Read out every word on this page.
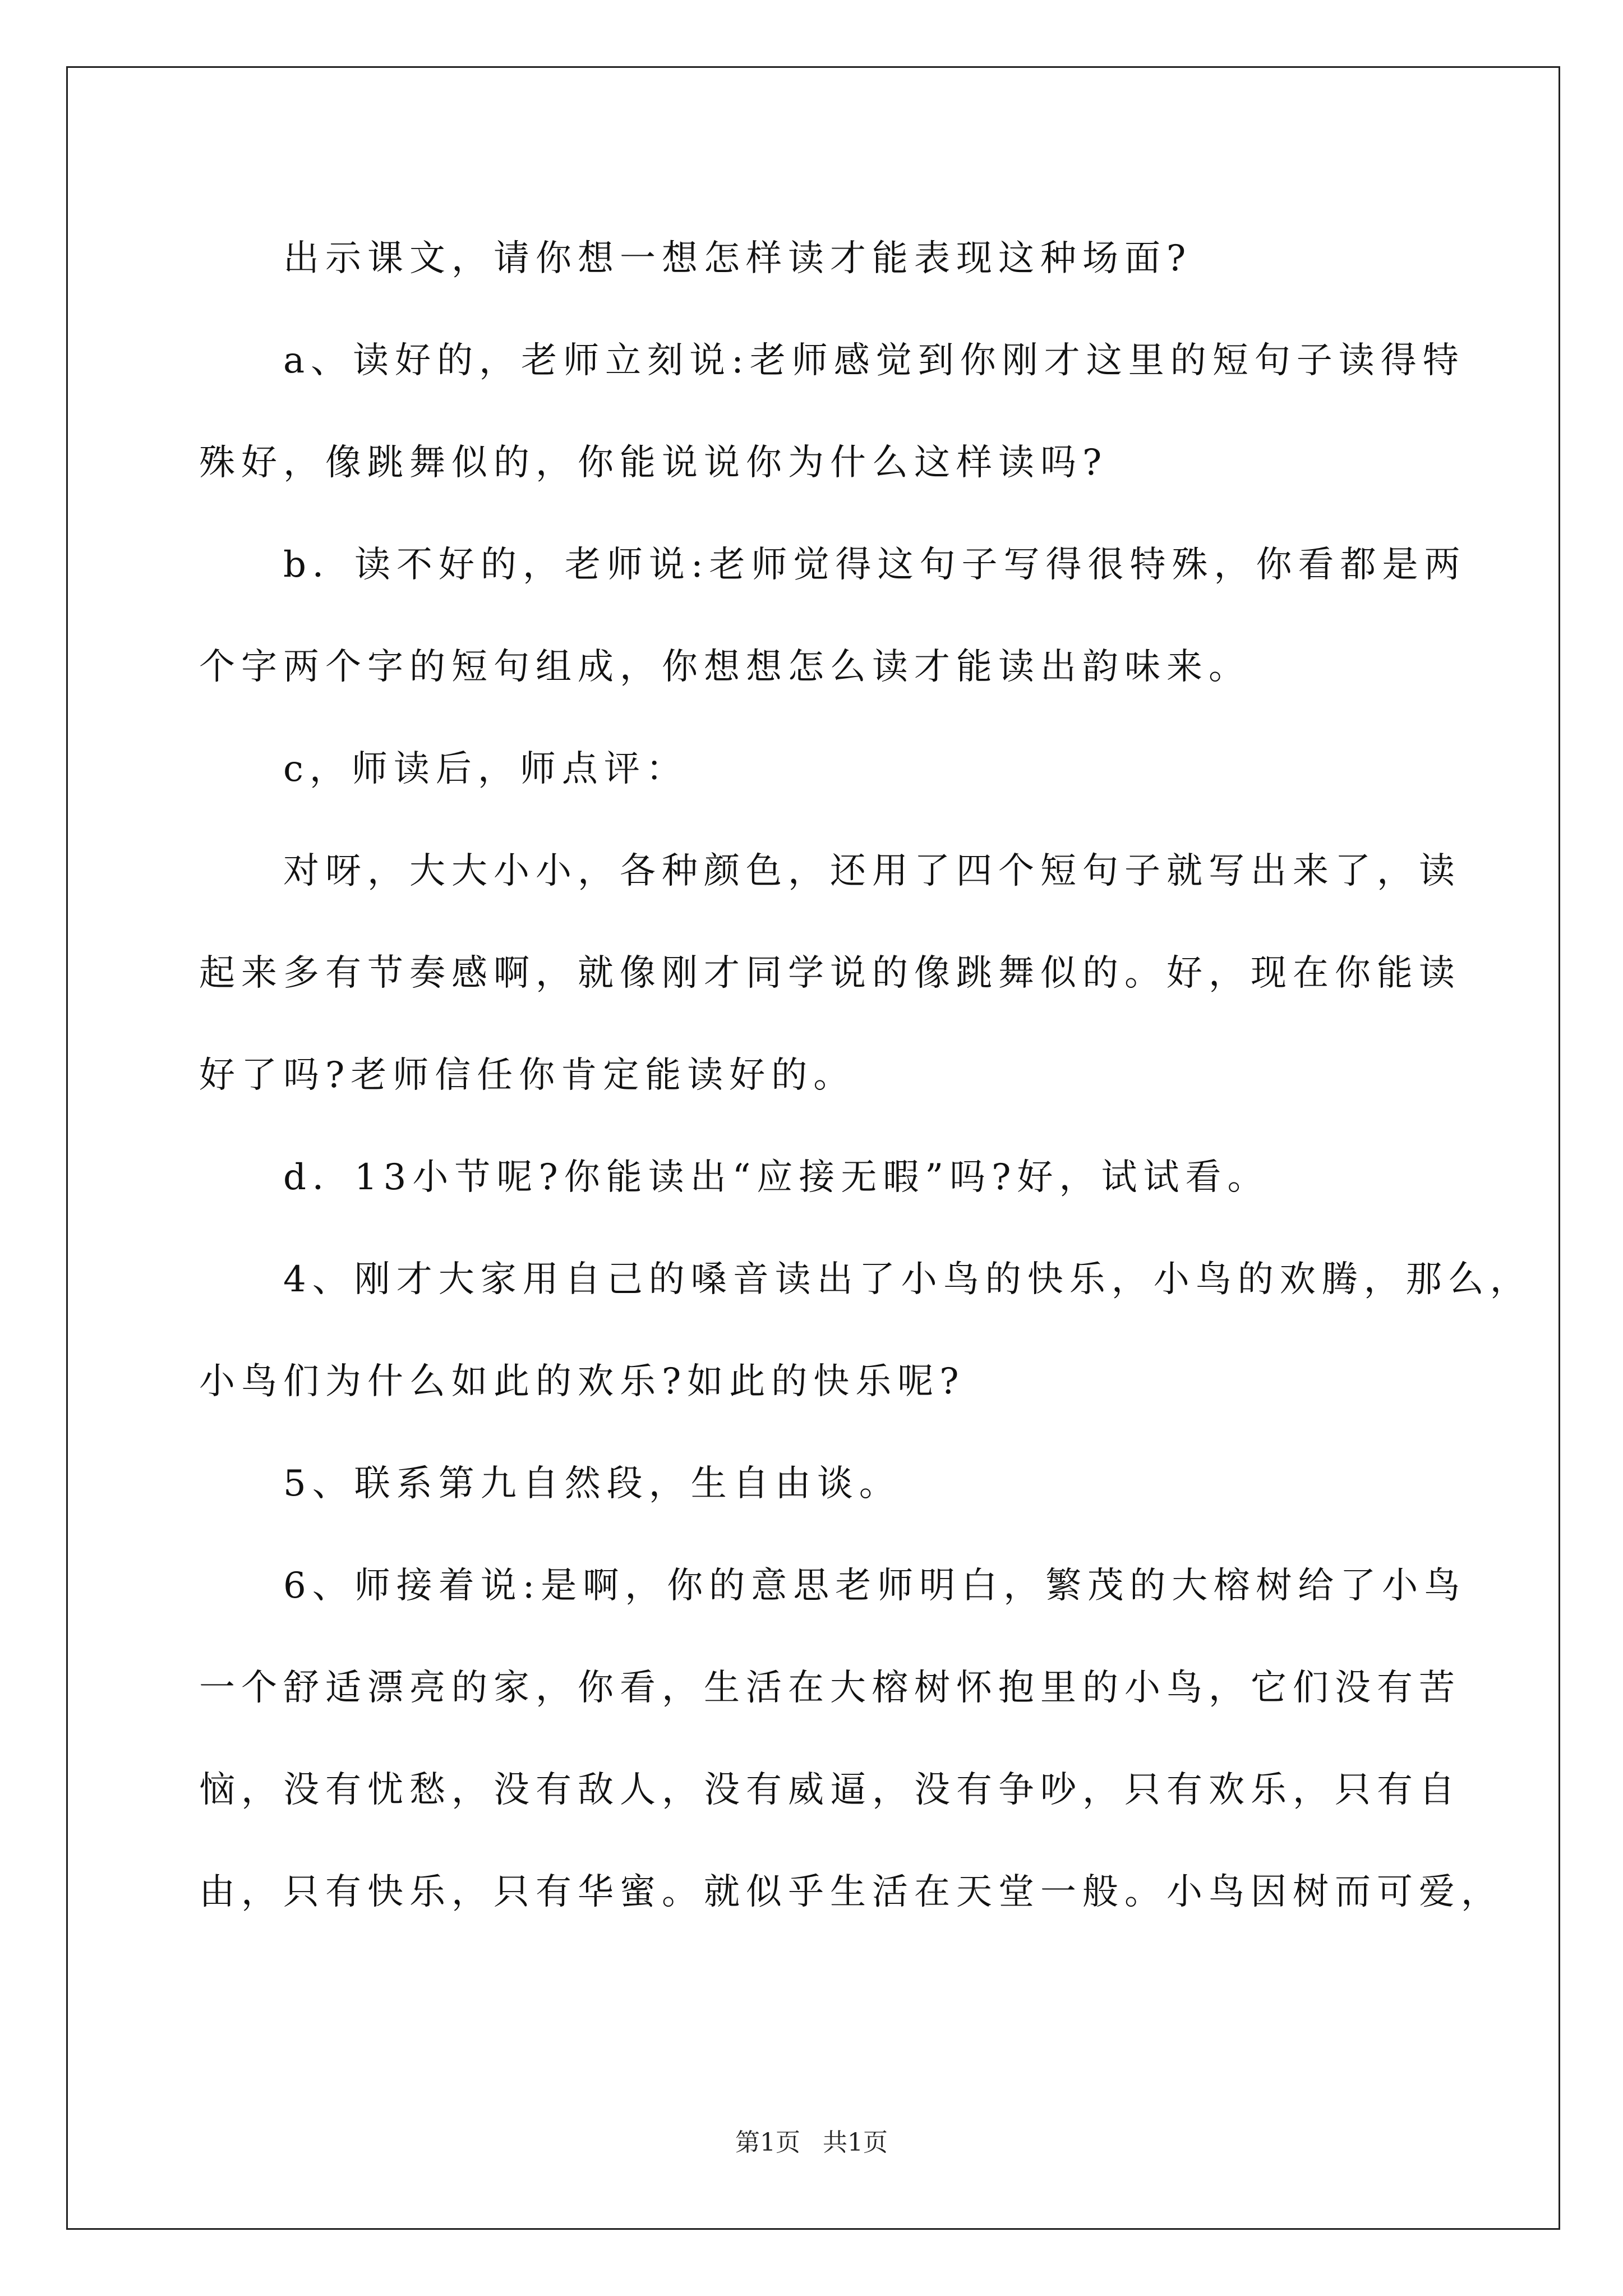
出示课文，请你想一想怎样读才能表现这种场面?
a、读好的，老师立刻说:老师感觉到你刚才这里的短句子读得特
殊好，像跳舞似的，你能说说你为什么这样读吗?
b．读不好的，老师说:老师觉得这句子写得很特殊，你看都是两
个字两个字的短句组成，你想想怎么读才能读出韵味来。
c，师读后，师点评：
对呀，大大小小，各种颜色，还用了四个短句子就写出来了，读
起来多有节奏感啊，就像刚才同学说的像跳舞似的。好，现在你能读
好了吗?老师信任你肯定能读好的。
d．13小节呢?你能读出“应接无暇”吗?好，试试看。
4、刚才大家用自己的嗓音读出了小鸟的快乐，小鸟的欢腾，那么，
小鸟们为什么如此的欢乐?如此的快乐呢?
5、联系第九自然段，生自由谈。
6、师接着说:是啊，你的意思老师明白，繁茂的大榕树给了小鸟
一个舒适漂亮的家，你看，生活在大榕树怀抱里的小鸟，它们没有苦
恼，没有忧愁，没有敌人，没有威逼，没有争吵，只有欢乐，只有自
由，只有快乐，只有华蜜。就似乎生活在天堂一般。小鸟因树而可爱，
第1页 共1页
